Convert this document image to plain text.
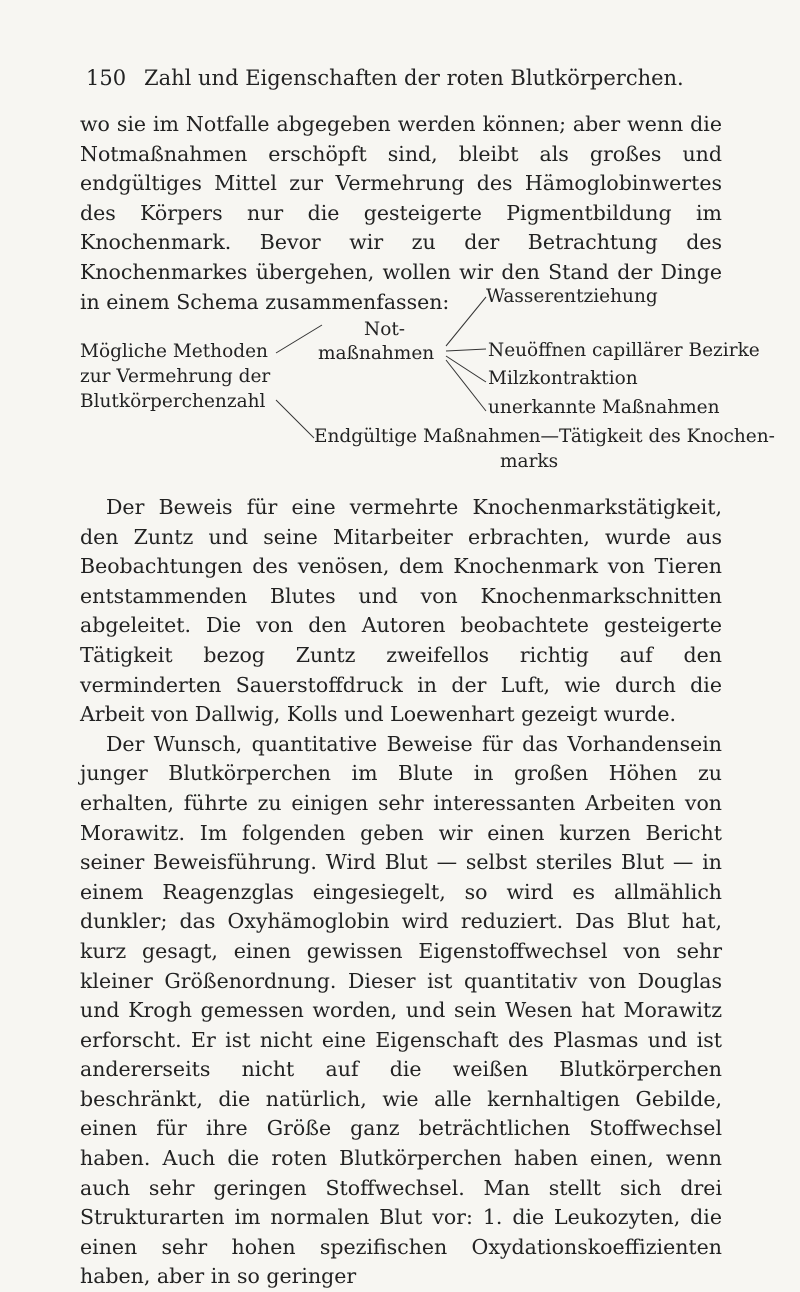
150 Zahl und Eigenschaften der roten Blutkörperchen.

wo sie im Notfalle abgegeben werden können; aber wenn die Notmaßnahmen erschöpft sind, bleibt als großes und endgültiges Mittel zur Vermehrung des Hämoglobinwertes des Körpers nur die gesteigerte Pigmentbildung im Knochenmark. Bevor wir zu der Betrachtung des Knochenmarkes übergehen, wollen wir den Stand der Dinge in einem Schema zusammenfassen:

Mögliche Methoden
zur Vermehrung der
Blutkörperchenzahl
Not-
maßnahmen
Wasserentziehung
Neuöffnen capillärer Bezirke
Milzkontraktion
unerkannte Maßnahmen
Endgültige Maßnahmen—Tätigkeit des Knochen-
marks

Der Beweis für eine vermehrte Knochenmarkstätigkeit, den Zuntz und seine Mitarbeiter erbrachten, wurde aus Beobachtungen des venösen, dem Knochenmark von Tieren entstammenden Blutes und von Knochenmarkschnitten abgeleitet. Die von den Autoren beobachtete gesteigerte Tätigkeit bezog Zuntz zweifellos richtig auf den verminderten Sauerstoffdruck in der Luft, wie durch die Arbeit von Dallwig, Kolls und Loewenhart gezeigt wurde.

Der Wunsch, quantitative Beweise für das Vorhandensein junger Blutkörperchen im Blute in großen Höhen zu erhalten, führte zu einigen sehr interessanten Arbeiten von Morawitz. Im folgenden geben wir einen kurzen Bericht seiner Beweisführung. Wird Blut — selbst steriles Blut — in einem Reagenzglas eingesiegelt, so wird es allmählich dunkler; das Oxyhämoglobin wird reduziert. Das Blut hat, kurz gesagt, einen gewissen Eigenstoffwechsel von sehr kleiner Größenordnung. Dieser ist quantitativ von Douglas und Krogh gemessen worden, und sein Wesen hat Morawitz erforscht. Er ist nicht eine Eigenschaft des Plasmas und ist andererseits nicht auf die weißen Blutkörperchen beschränkt, die natürlich, wie alle kernhaltigen Gebilde, einen für ihre Größe ganz beträchtlichen Stoffwechsel haben. Auch die roten Blutkörperchen haben einen, wenn auch sehr geringen Stoffwechsel. Man stellt sich drei Strukturarten im normalen Blut vor: 1. die Leukozyten, die einen sehr hohen spezifischen Oxydationskoeffizienten haben, aber in so geringer
